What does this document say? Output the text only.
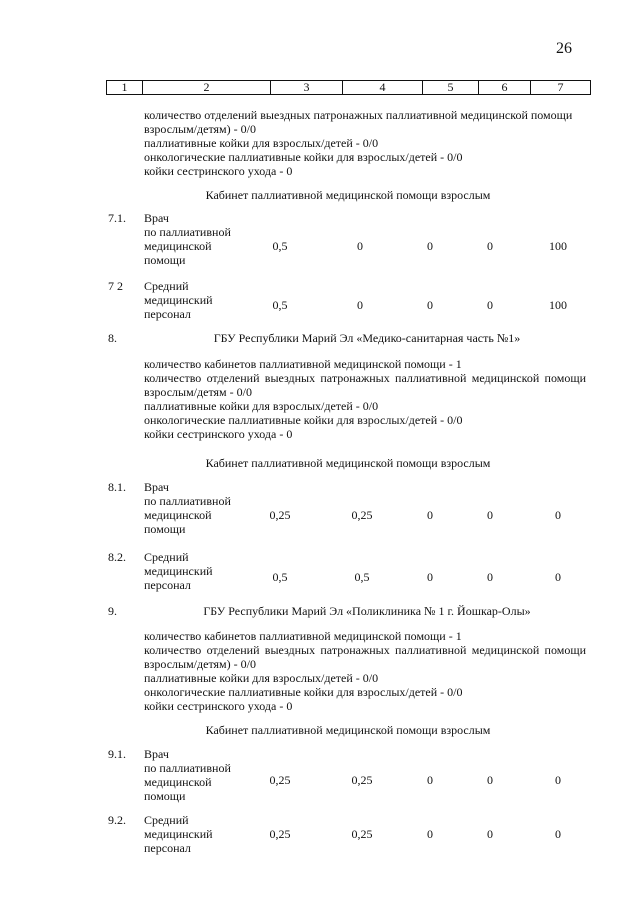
26
1	2	3	4	5	6	7
количество отделений выездных патронажных паллиативной медицинской помощи
взрослым/детям) - 0/0
паллиативные койки для взрослых/детей - 0/0
онкологические паллиативные койки для взрослых/детей - 0/0
койки сестринского ухода - 0
Кабинет паллиативной медицинской помощи взрослым
7.1. Врач
по паллиативной
медицинской
помощи
0,5	0	0	0	100
7 2 Средний
медицинский
персонал
0,5	0	0	0	100
8.	ГБУ Республики Марий Эл «Медико-санитарная часть №1»
количество кабинетов паллиативной медицинской помощи - 1
количество отделений выездных патронажных паллиативной медицинской помощи
взрослым/детям - 0/0
паллиативные койки для взрослых/детей - 0/0
онкологические паллиативные койки для взрослых/детей - 0/0
койки сестринского ухода - 0
Кабинет паллиативной медицинской помощи взрослым
8.1. Врач
по паллиативной
медицинской
помощи
0,25	0,25	0	0	0
8.2. Средний
медицинский
персонал
0,5	0,5	0	0	0
9.	ГБУ Республики Марий Эл «Поликлиника № 1 г. Йошкар-Олы»
количество кабинетов паллиативной медицинской помощи - 1
количество отделений выездных патронажных паллиативной медицинской помощи
взрослым/детям) - 0/0
паллиативные койки для взрослых/детей - 0/0
онкологические паллиативные койки для взрослых/детей - 0/0
койки сестринского ухода - 0
Кабинет паллиативной медицинской помощи взрослым
9.1. Врач
по паллиативной
медицинской
помощи
0,25	0,25	0	0	0
9.2. Средний
медицинский
персонал
0,25	0,25	0	0	0
